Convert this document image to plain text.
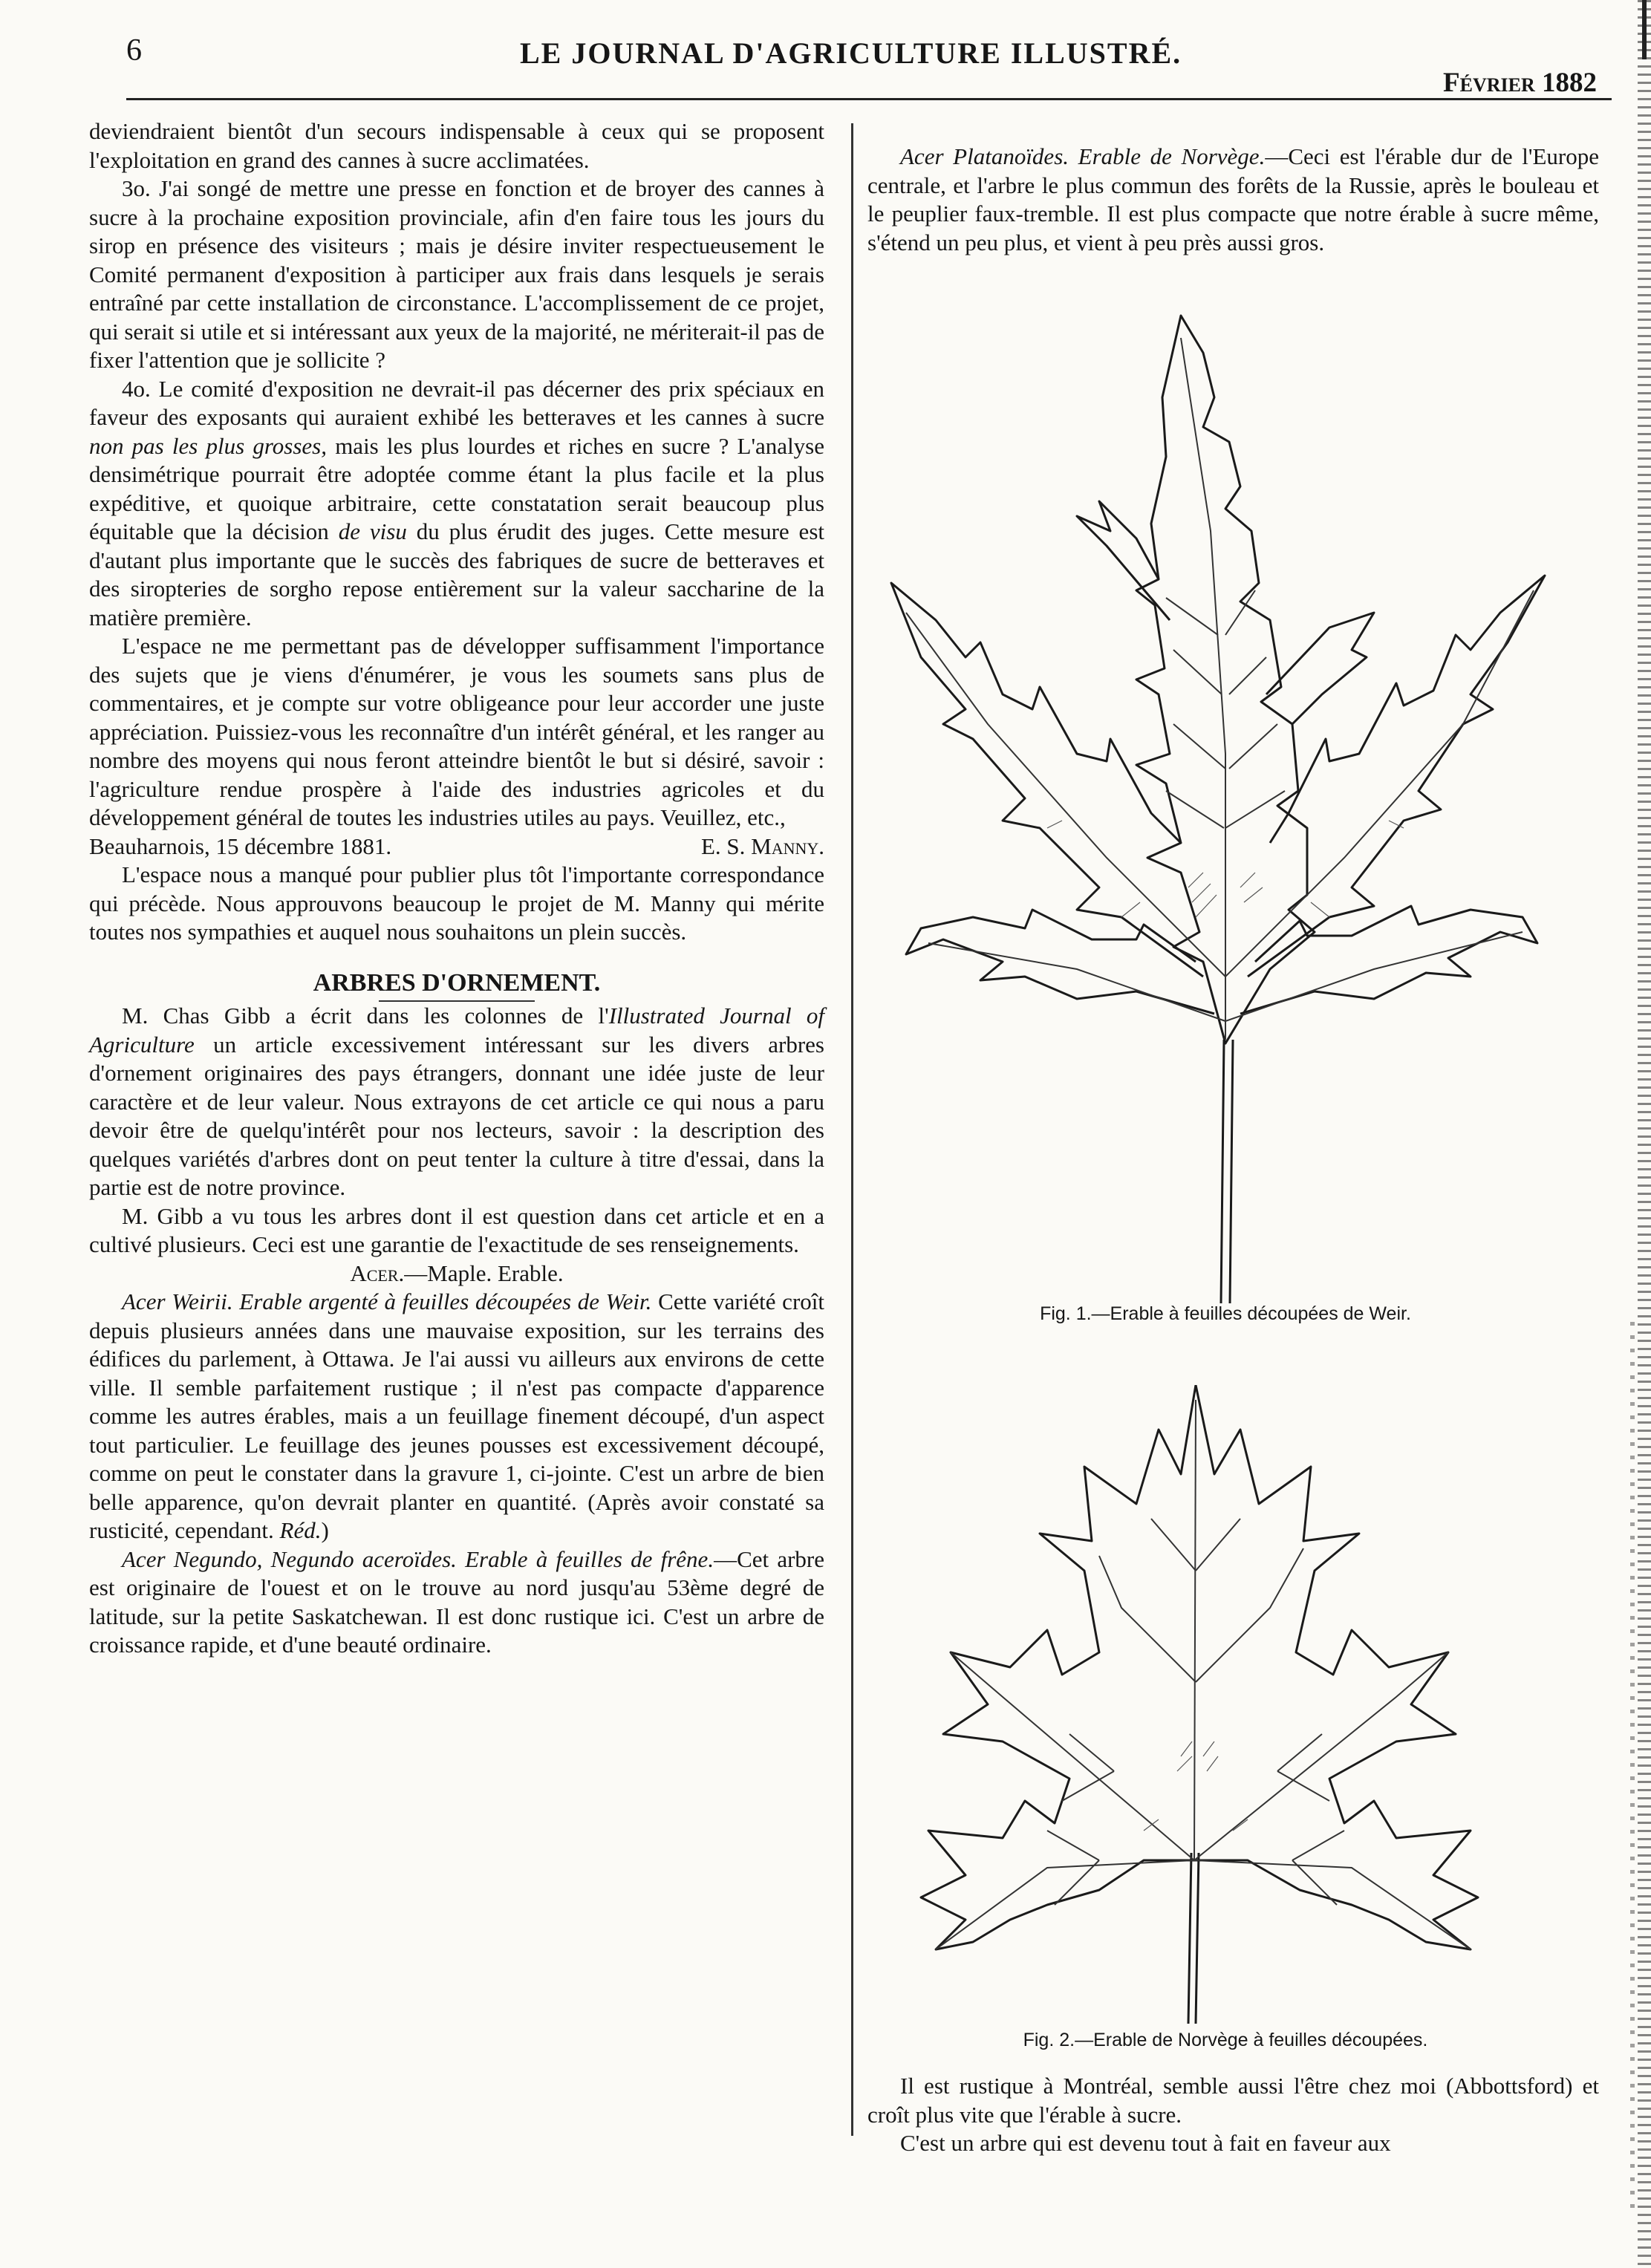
6	LE JOURNAL D'AGRICULTURE ILLUSTRÉ.
Février 1882

deviendraient bientôt d'un secours indispensable à ceux qui se proposent l'exploitation en grand des cannes à sucre acclimatées.

3o. J'ai songé de mettre une presse en fonction et de broyer des cannes à sucre à la prochaine exposition provinciale, afin d'en faire tous les jours du sirop en présence des visiteurs ; mais je désire inviter respectueusement le Comité permanent d'exposition à participer aux frais dans lesquels je serais entraîné par cette installation de circonstance. L'accomplissement de ce projet, qui serait si utile et si intéressant aux yeux de la majorité, ne mériterait-il pas de fixer l'attention que je sollicite ?

4o. Le comité d'exposition ne devrait-il pas décerner des prix spéciaux en faveur des exposants qui auraient exhibé les betteraves et les cannes à sucre non pas les plus grosses, mais les plus lourdes et riches en sucre ? L'analyse densimétrique pourrait être adoptée comme étant la plus facile et la plus expéditive, et quoique arbitraire, cette constatation serait beaucoup plus équitable que la décision de visu du plus érudit des juges. Cette mesure est d'autant plus importante que le succès des fabriques de sucre de betteraves et des siropteries de sorgho repose entièrement sur la valeur saccharine de la matière première.

L'espace ne me permettant pas de développer suffisamment l'importance des sujets que je viens d'énumérer, je vous les soumets sans plus de commentaires, et je compte sur votre obligeance pour leur accorder une juste appréciation. Puissiez-vous les reconnaître d'un intérêt général, et les ranger au nombre des moyens qui nous feront atteindre bientôt le but si désiré, savoir : l'agriculture rendue prospère à l'aide des industries agricoles et du développement général de toutes les industries utiles au pays. Veuillez, etc.,

Beauharnois, 15 décembre 1881.	E. S. Manny.

L'espace nous a manqué pour publier plus tôt l'importante correspondance qui précède. Nous approuvons beaucoup le projet de M. Manny qui mérite toutes nos sympathies et auquel nous souhaitons un plein succès.

ARBRES D'ORNEMENT.

M. Chas Gibb a écrit dans les colonnes de l'Illustrated Journal of Agriculture un article excessivement intéressant sur les divers arbres d'ornement originaires des pays étrangers, donnant une idée juste de leur caractère et de leur valeur. Nous extrayons de cet article ce qui nous a paru devoir être de quelqu'intérêt pour nos lecteurs, savoir : la description des quelques variétés d'arbres dont on peut tenter la culture à titre d'essai, dans la partie est de notre province.

M. Gibb a vu tous les arbres dont il est question dans cet article et en a cultivé plusieurs. Ceci est une garantie de l'exactitude de ses renseignements.

Acer.—Maple. Erable.

Acer Weirii. Erable argenté à feuilles découpées de Weir. Cette variété croît depuis plusieurs années dans une mauvaise exposition, sur les terrains des édifices du parlement, à Ottawa. Je l'ai aussi vu ailleurs aux environs de cette ville. Il semble parfaitement rustique ; il n'est pas compacte d'apparence comme les autres érables, mais a un feuillage finement découpé, d'un aspect tout particulier. Le feuillage des jeunes pousses est excessivement découpé, comme on peut le constater dans la gravure 1, ci-jointe. C'est un arbre de bien belle apparence, qu'on devrait planter en quantité. (Après avoir constaté sa rusticité, cependant. Réd.)

Acer Negundo, Negundo aceroïdes. Erable à feuilles de frêne.—Cet arbre est originaire de l'ouest et on le trouve au nord jusqu'au 53ème degré de latitude, sur la petite Saskatchewan. Il est donc rustique ici. C'est un arbre de croissance rapide, et d'une beauté ordinaire.

Acer Platanoïdes. Erable de Norvège.—Ceci est l'érable dur de l'Europe centrale, et l'arbre le plus commun des forêts de la Russie, après le bouleau et le peuplier faux-tremble. Il est plus compacte que notre érable à sucre même, s'étend un peu plus, et vient à peu près aussi gros.

Fig. 1.—Erable à feuilles découpées de Weir.
Fig. 2.—Erable de Norvège à feuilles découpées.

Il est rustique à Montréal, semble aussi l'être chez moi (Abbottsford) et croît plus vite que l'érable à sucre.

C'est un arbre qui est devenu tout à fait en faveur aux
